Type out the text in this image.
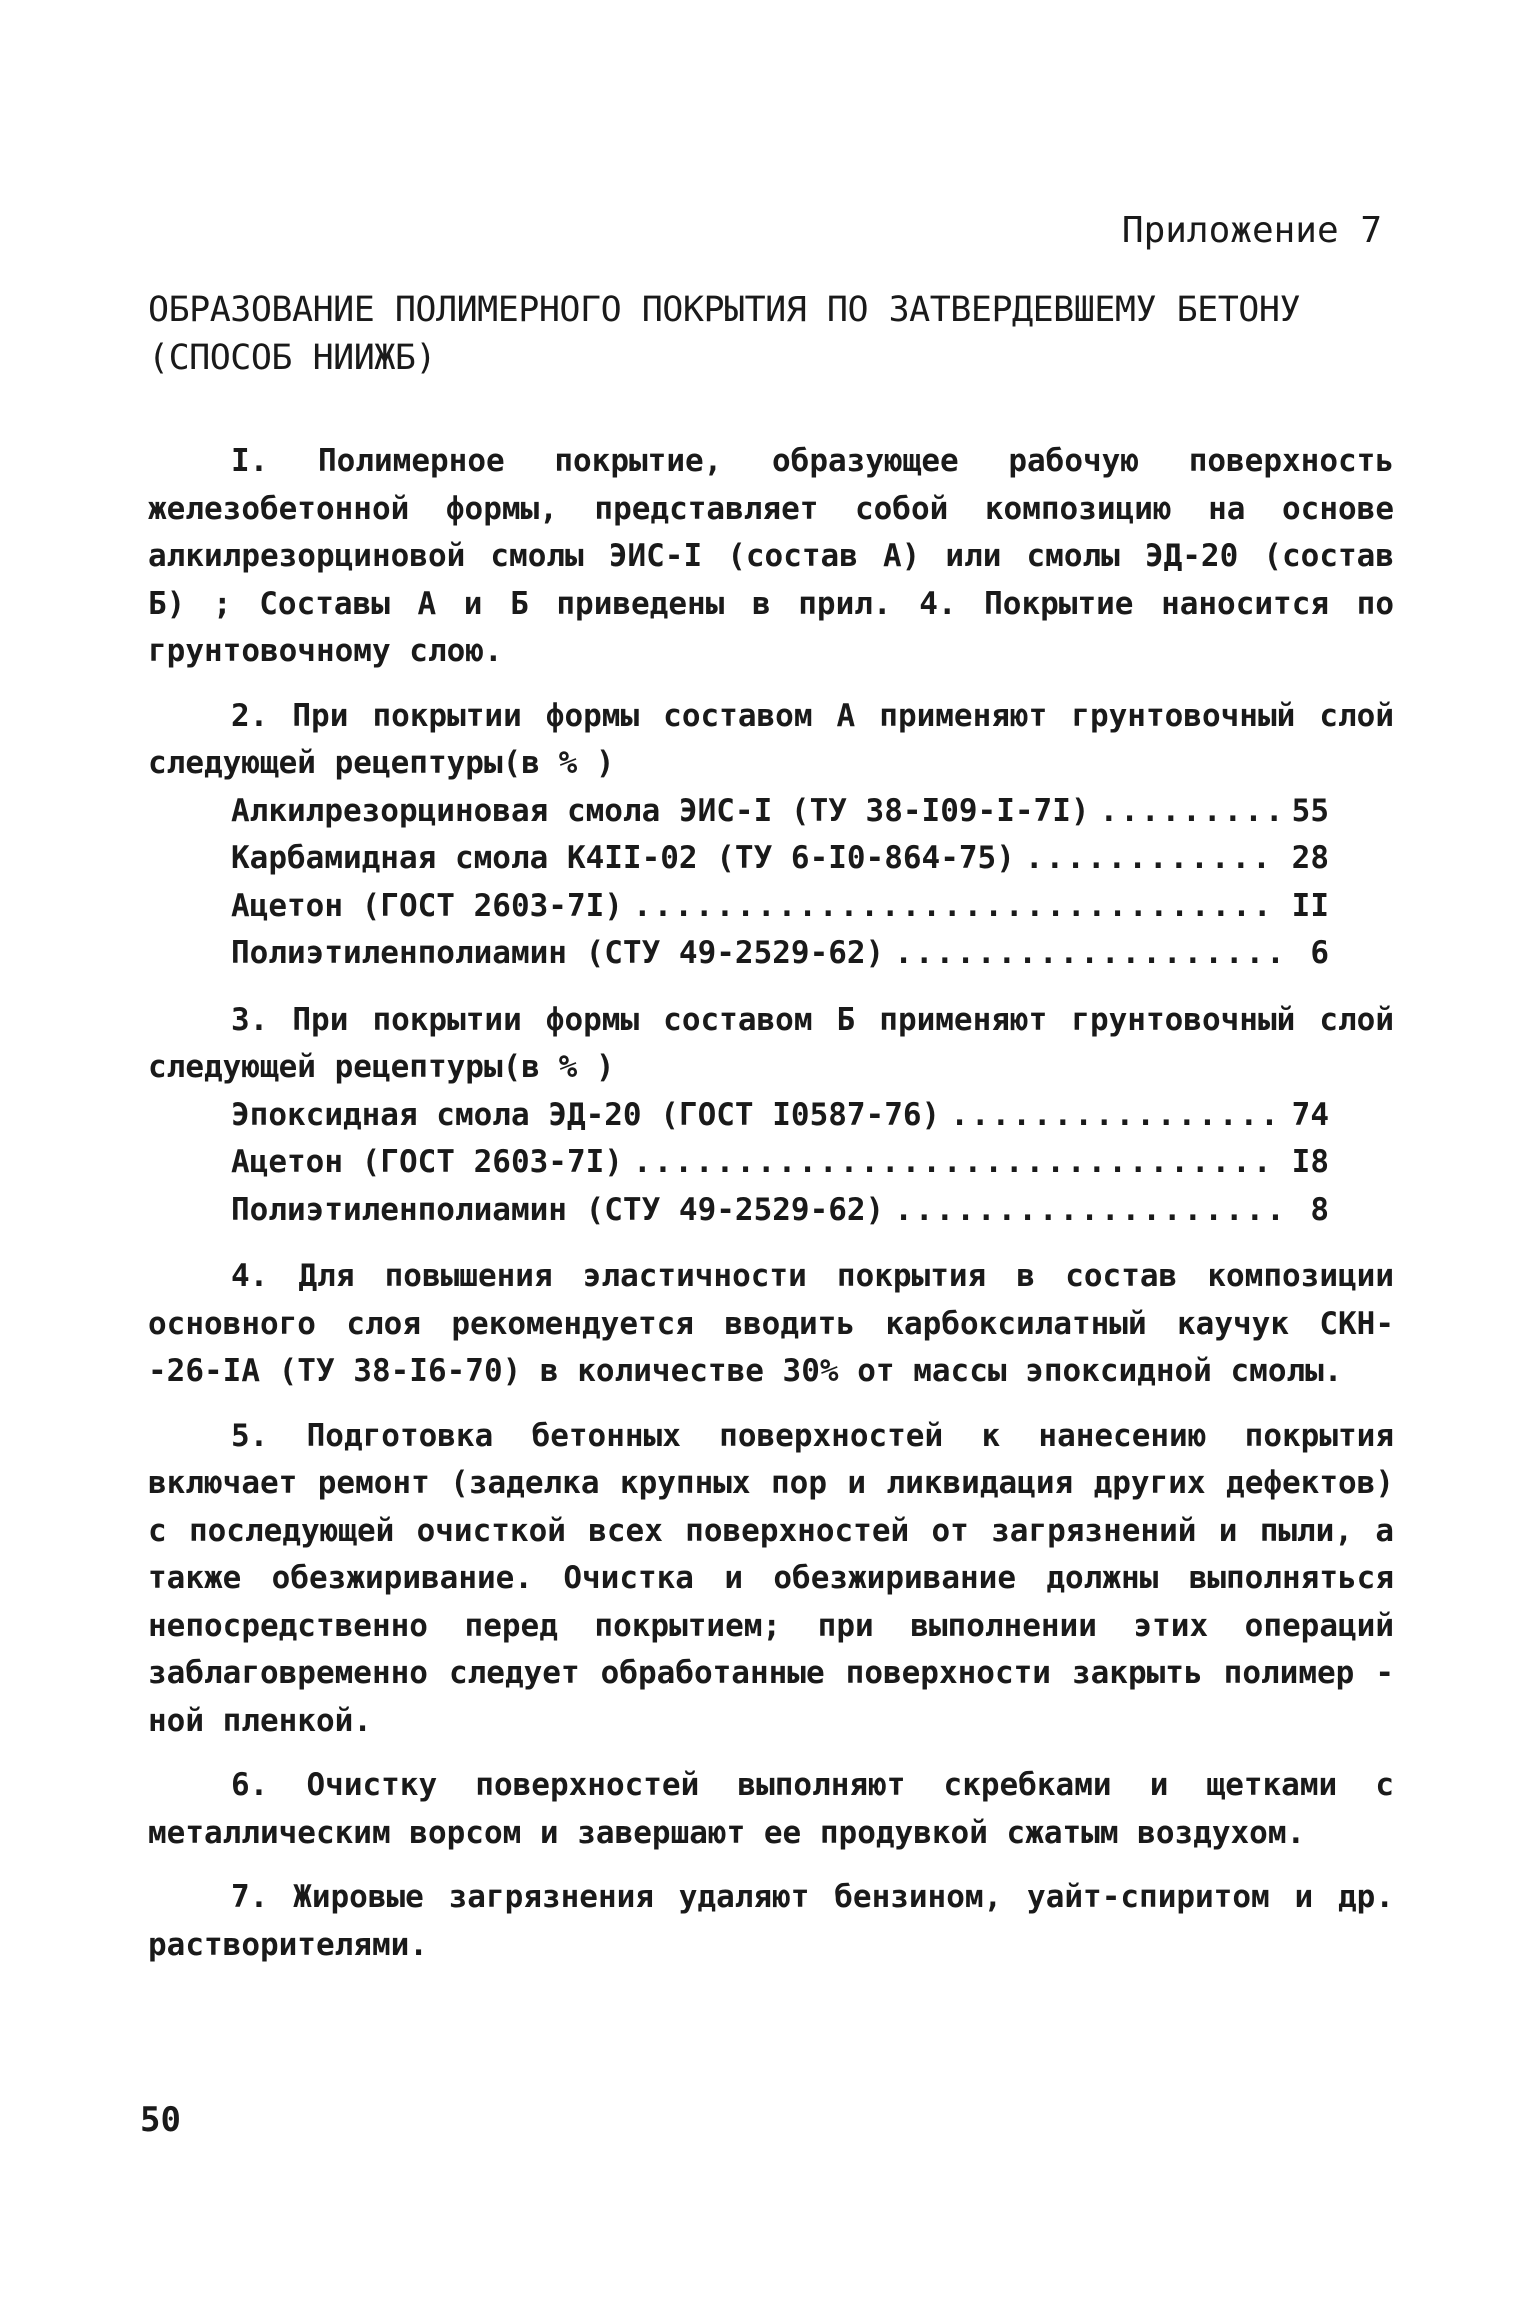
Приложение 7
ОБРАЗОВАНИЕ ПОЛИМЕРНОГО ПОКРЫТИЯ ПО ЗАТВЕРДЕВШЕМУ БЕТОНУ
(СПОСОБ НИИЖБ)

I. Полимерное покрытие, образующее рабочую поверхность железобетонной формы, представляет собой композицию на основе алкилрезорциновой смолы ЭИС-I (состав А) или смолы ЭД-20 (состав Б) ; Составы А и Б приведены в прил. 4. Покрытие наносится по грунтовочному слою.

2. При покрытии формы составом А применяют грунтовочный слой следующей рецептуры(в % )

Алкилрезорциновая смола ЭИС-I (ТУ 38-I09-I-7I) .....	55
Карбамидная смола К4II-02 (ТУ 6-I0-864-75) .....	28
Ацетон (ГОСТ 2603-7I) .....	II
Полиэтиленполиамин (СТУ 49-2529-62) .....	6

3. При покрытии формы составом Б применяют грунтовочный слой следующей рецептуры(в % )

Эпоксидная смола ЭД-20 (ГОСТ I0587-76) .....	74
Ацетон (ГОСТ 2603-7I) .....	I8
Полиэтиленполиамин (СТУ 49-2529-62) .....	8

4. Для повышения эластичности покрытия в состав композиции основного слоя рекомендуется вводить карбоксилатный каучук СКН--26-IА (ТУ 38-I6-70) в количестве 30% от массы эпоксидной смолы.

5. Подготовка бетонных поверхностей к нанесению покрытия включает ремонт (заделка крупных пор и ликвидация других дефектов) с последующей очисткой всех поверхностей от загрязнений и пыли, а также обезжиривание. Очистка и обезжиривание должны выполняться непосредственно перед покрытием; при выполнении этих операций заблаговременно следует обработанные поверхности закрыть полимер - ной пленкой.

6. Очистку поверхностей выполняют скребками и щетками с металлическим ворсом и завершают ее продувкой сжатым воздухом.

7. Жировые загрязнения удаляют бензином, уайт-спиритом и др. растворителями.

50
